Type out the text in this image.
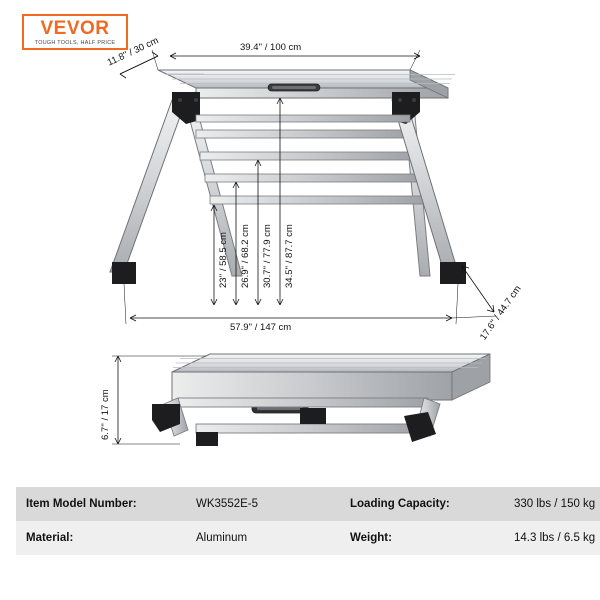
VEVOR
TOUGH TOOLS, HALF PRICE
11.8'' / 30 cm	39.4'' / 100 cm
23'' / 58.5 cm 26.9'' / 68.2 cm 30.7'' / 77.9 cm 34.5'' / 87.7 cm
57.9'' / 147 cm	17.6'' / 44.7 cm
6.7'' / 17 cm
Item Model Number:	WK3552E-5	Loading Capacity:	330 lbs / 150 kg
Material:	Aluminum	Weight:	14.3 lbs / 6.5 kg
